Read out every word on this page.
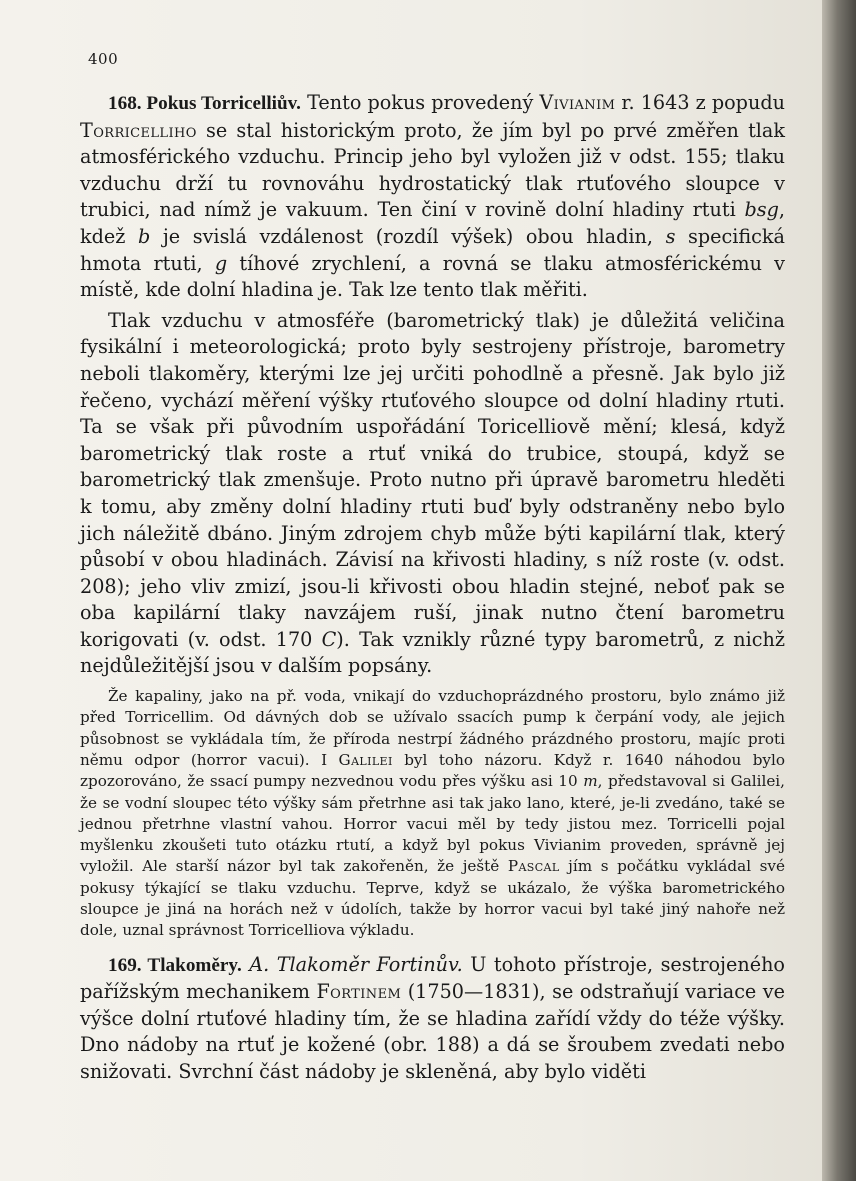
400

168. Pokus Torricelliův. Tento pokus provedený Vivianim r. 1643 z popudu Torricelliho se stal historickým proto, že jím byl po prvé změřen tlak atmosférického vzduchu. Princip jeho byl vyložen již v odst. 155; tlaku vzduchu drží tu rovnováhu hydrostatický tlak rtuťového sloupce v trubici, nad nímž je vakuum. Ten činí v rovině dolní hladiny rtuti bsg, kdež b je svislá vzdálenost (rozdíl výšek) obou hladin, s specifická hmota rtuti, g tíhové zrychlení, a rovná se tlaku atmosférickému v místě, kde dolní hladina je. Tak lze tento tlak měřiti.

Tlak vzduchu v atmosféře (barometrický tlak) je důležitá veličina fysikální i meteorologická; proto byly sestrojeny přístroje, barometry neboli tlakoměry, kterými lze jej určiti pohodlně a přesně. Jak bylo již řečeno, vychází měření výšky rtuťového sloupce od dolní hladiny rtuti. Ta se však při původním uspořádání Toricelliově mění; klesá, když barometrický tlak roste a rtuť vniká do trubice, stoupá, když se barometrický tlak zmenšuje. Proto nutno při úpravě barometru hleděti k tomu, aby změny dolní hladiny rtuti buď byly odstraněny nebo bylo jich náležitě dbáno. Jiným zdrojem chyb může býti kapilární tlak, který působí v obou hladinách. Závisí na křivosti hladiny, s níž roste (v. odst. 208); jeho vliv zmizí, jsou-li křivosti obou hladin stejné, neboť pak se oba kapilární tlaky navzájem ruší, jinak nutno čtení barometru korigovati (v. odst. 170 C). Tak vznikly různé typy barometrů, z nichž nejdůležitější jsou v dalším popsány.

Že kapaliny, jako na př. voda, vnikají do vzduchoprázdného prostoru, bylo známo již před Torricellim. Od dávných dob se užívalo ssacích pump k čerpání vody, ale jejich působnost se vykládala tím, že příroda nestrpí žádného prázdného prostoru, majíc proti němu odpor (horror vacui). I Galilei byl toho názoru. Když r. 1640 náhodou bylo zpozorováno, že ssací pumpy nezvednou vodu přes výšku asi 10 m, představoval si Galilei, že se vodní sloupec této výšky sám přetrhne asi tak jako lano, které, je-li zvedáno, také se jednou přetrhne vlastní vahou. Horror vacui měl by tedy jistou mez. Torricelli pojal myšlenku zkoušeti tuto otázku rtutí, a když byl pokus Vivianim proveden, správně jej vyložil. Ale starší názor byl tak zakořeněn, že ještě Pascal jím s počátku vykládal své pokusy týkající se tlaku vzduchu. Teprve, když se ukázalo, že výška barometrického sloupce je jiná na horách než v údolích, takže by horror vacui byl také jiný nahoře než dole, uznal správnost Torricelliova výkladu.

169. Tlakoměry. A. Tlakoměr Fortinův. U tohoto přístroje, sestrojeného pařížským mechanikem Fortinem (1750—1831), se odstraňují variace ve výšce dolní rtuťové hladiny tím, že se hladina zařídí vždy do téže výšky. Dno nádoby na rtuť je kožené (obr. 188) a dá se šroubem zvedati nebo snižovati. Svrchní část nádoby je skleněná, aby bylo viděti
